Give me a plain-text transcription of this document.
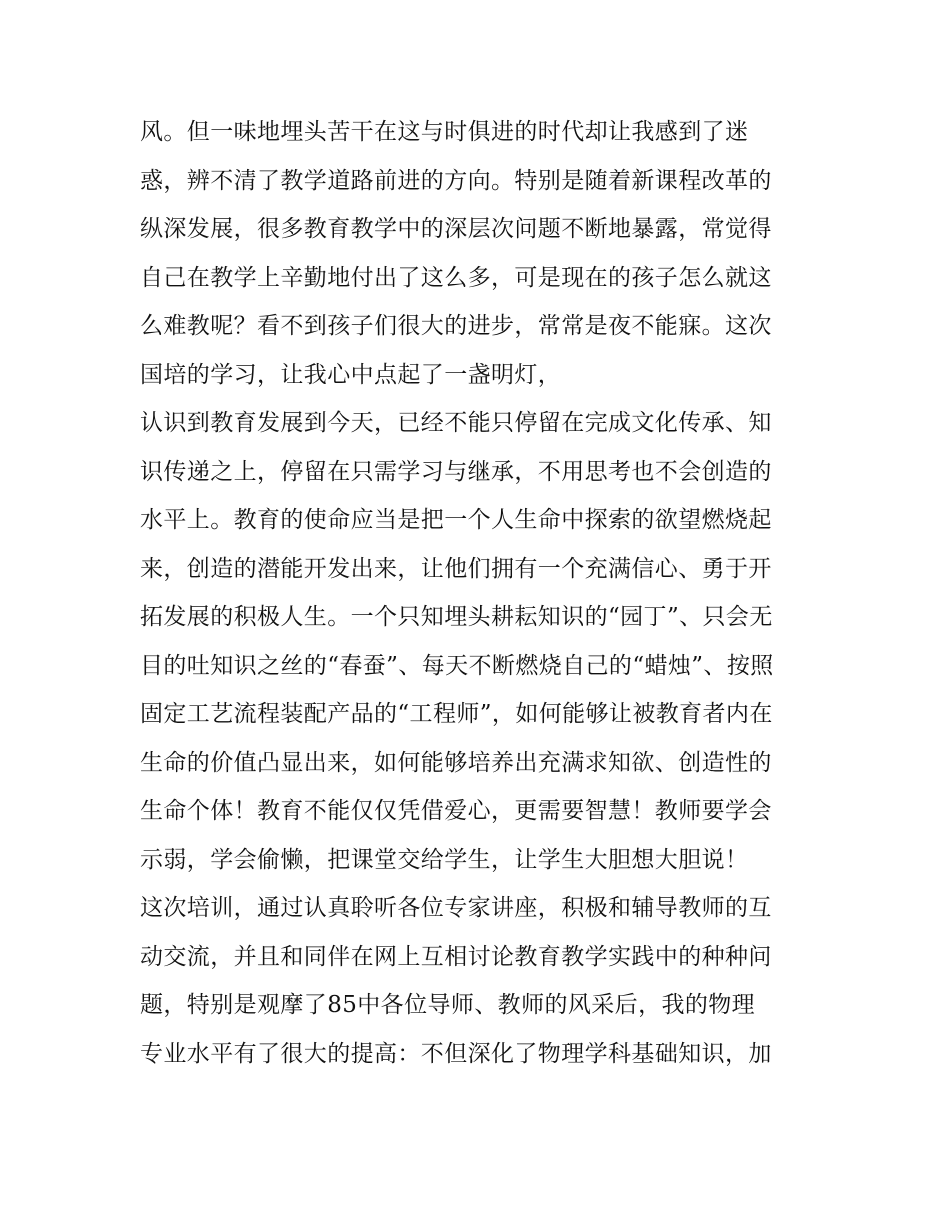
风。但一味地埋头苦干在这与时俱进的时代却让我感到了迷
惑，辨不清了教学道路前进的方向。特别是随着新课程改革的
纵深发展，很多教育教学中的深层次问题不断地暴露，常觉得
自己在教学上辛勤地付出了这么多，可是现在的孩子怎么就这
么难教呢？看不到孩子们很大的进步，常常是夜不能寐。这次
国培的学习，让我心中点起了一盏明灯，
认识到教育发展到今天，已经不能只停留在完成文化传承、知
识传递之上，停留在只需学习与继承，不用思考也不会创造的
水平上。教育的使命应当是把一个人生命中探索的欲望燃烧起
来，创造的潜能开发出来，让他们拥有一个充满信心、勇于开
拓发展的积极人生。一个只知埋头耕耘知识的“园丁”、只会无
目的吐知识之丝的“春蚕”、每天不断燃烧自己的“蜡烛”、按照
固定工艺流程装配产品的“工程师”，如何能够让被教育者内在
生命的价值凸显出来，如何能够培养出充满求知欲、创造性的
生命个体！教育不能仅仅凭借爱心，更需要智慧！教师要学会
示弱，学会偷懒，把课堂交给学生，让学生大胆想大胆说！
这次培训，通过认真聆听各位专家讲座，积极和辅导教师的互
动交流，并且和同伴在网上互相讨论教育教学实践中的种种问
题，特别是观摩了85中各位导师、教师的风采后，我的物理
专业水平有了很大的提高：不但深化了物理学科基础知识，加
